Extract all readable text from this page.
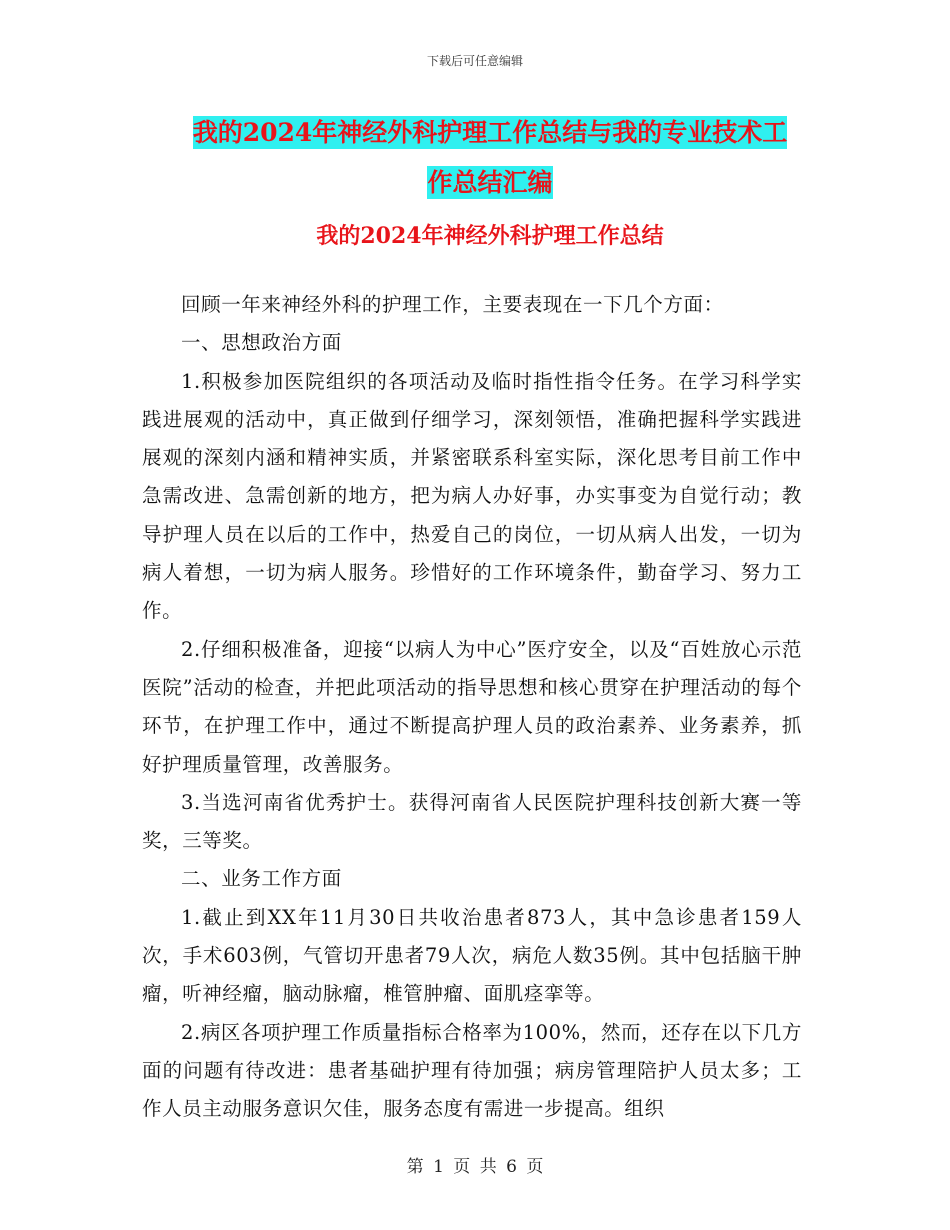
下载后可任意编辑
我的2024年神经外科护理工作总结与我的专业技术工
作总结汇编
我的2024年神经外科护理工作总结

回顾一年来神经外科的护理工作，主要表现在一下几个方面：

一、思想政治方面

1.积极参加医院组织的各项活动及临时指性指令任务。在学习科学实践进展观的活动中，真正做到仔细学习，深刻领悟，准确把握科学实践进展观的深刻内涵和精神实质，并紧密联系科室实际，深化思考目前工作中急需改进、急需创新的地方，把为病人办好事，办实事变为自觉行动；教导护理人员在以后的工作中，热爱自己的岗位，一切从病人出发，一切为病人着想，一切为病人服务。珍惜好的工作环境条件，勤奋学习、努力工作。

2.仔细积极准备，迎接“以病人为中心”医疗安全，以及“百姓放心示范医院”活动的检查，并把此项活动的指导思想和核心贯穿在护理活动的每个环节，在护理工作中，通过不断提高护理人员的政治素养、业务素养，抓好护理质量管理，改善服务。

3.当选河南省优秀护士。获得河南省人民医院护理科技创新大赛一等奖，三等奖。

二、业务工作方面

1.截止到XX年11月30日共收治患者873人，其中急诊患者159人次，手术603例，气管切开患者79人次，病危人数35例。其中包括脑干肿瘤，听神经瘤，脑动脉瘤，椎管肿瘤、面肌痉挛等。

2.病区各项护理工作质量指标合格率为100%，然而，还存在以下几方面的问题有待改进：患者基础护理有待加强；病房管理陪护人员太多；工作人员主动服务意识欠佳，服务态度有需进一步提高。组织

第 1 页 共 6 页
